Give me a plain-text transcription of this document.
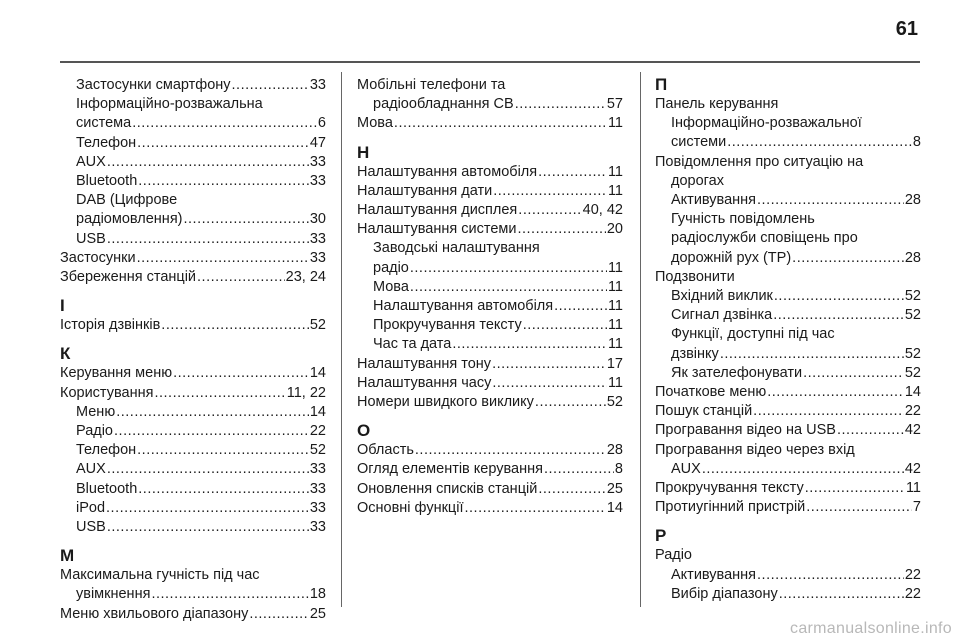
61
Застосунки смартфону .....	33
Інформаційно-розважальна
система .....	6
Телефон .....	47
AUX .....	33
Bluetooth .....	33
DAB (Цифрове
радіомовлення) .....	30
USB .....	33
Застосунки .....	33
Збереження станцій .....	23, 24
І
Історія дзвінків .....	52
К
Керування меню .....	14
Користування .....	11, 22
Меню .....	14
Радіо .....	22
Телефон .....	52
AUX .....	33
Bluetooth .....	33
iPod .....	33
USB .....	33
М
Максимальна гучність під час
увімкнення .....	18
Меню хвильового діапазону .....	25
Мобільні телефони та
радіообладнання СВ .....	57
Мова .....	11
Н
Налаштування автомобіля .....	11
Налаштування дати .....	11
Налаштування дисплея .....	40, 42
Налаштування системи .....	20
Заводські налаштування
радіо .....	11
Мова .....	11
Налаштування автомобіля .....	11
Прокручування тексту .....	11
Час та дата .....	11
Налаштування тону .....	17
Налаштування часу .....	11
Номери швидкого виклику .....	52
О
Область .....	28
Огляд елементів керування .....	8
Оновлення списків станцій .....	25
Основні функції .....	14
П
Панель керування
Інформаційно-розважальної
системи .....	8
Повідомлення про ситуацію на
дорогах
Активування .....	28
Гучність повідомлень
радіослужби сповіщень про
дорожній рух (TP) .....	28
Подзвонити
Вхідний виклик .....	52
Сигнал дзвінка .....	52
Функції, доступні під час
дзвінку .....	52
Як зателефонувати .....	52
Початкове меню .....	14
Пошук станцій .....	22
Програвання відео на USB .....	42
Програвання відео через вхід
AUX .....	42
Прокручування тексту .....	11
Протиугінний пристрій .....	7
Р
Радіо
Активування .....	22
Вибір діапазону .....	22
carmanualsonline.info
